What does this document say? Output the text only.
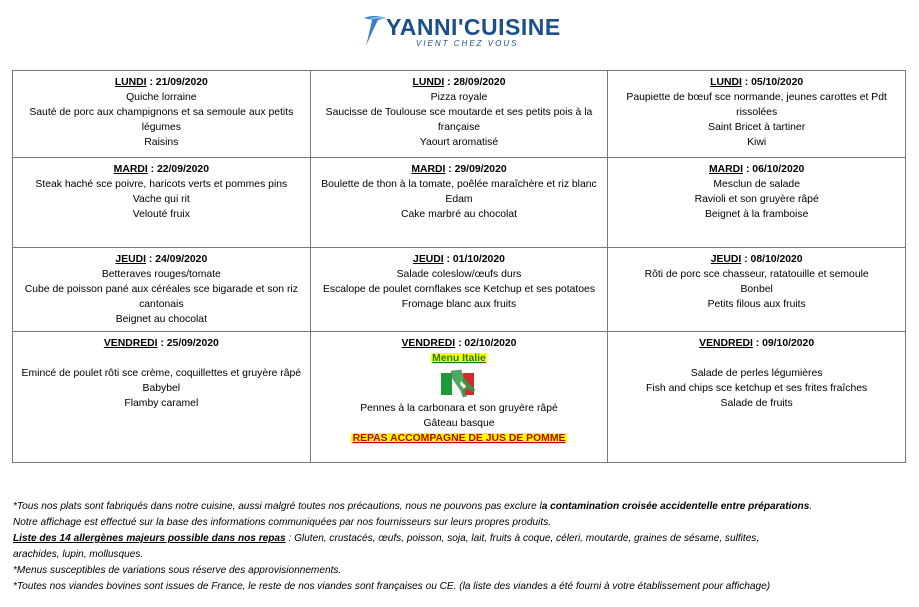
YANNI'CUISINE
VIENT CHEZ VOUS
LUNDI : 21/09/2020
Quiche lorraine
Sauté de porc aux champignons et sa semoule aux petits légumes
Raisins	LUNDI : 28/09/2020
Pizza royale
Saucisse de Toulouse sce moutarde et ses petits pois à la française
Yaourt aromatisé	LUNDI : 05/10/2020
Paupiette de bœuf sce normande, jeunes carottes et Pdt rissolées
Saint Bricet à tartiner
Kiwi

MARDI : 22/09/2020
Steak haché sce poivre, haricots verts et pommes pins
Vache qui rit
Velouté fruix	MARDI : 29/09/2020
Boulette de thon à la tomate, poêlée maraîchère et riz blanc
Edam
Cake marbré au chocolat	MARDI : 06/10/2020
Mesclun de salade
Ravioli et son gruyère râpé
Beignet à la framboise

JEUDI : 24/09/2020
Betteraves rouges/tomate
Cube de poisson pané aux céréales sce bigarade et son riz cantonais
Beignet au chocolat	JEUDI : 01/10/2020
Salade coleslow/œufs durs
Escalope de poulet cornflakes sce Ketchup et ses potatoes
Fromage blanc aux fruits	JEUDI : 08/10/2020
Rôti de porc sce chasseur, ratatouille et semoule
Bonbel
Petits filous aux fruits

VENDREDI : 25/09/2020
Emincé de poulet rôti sce crème, coquillettes et gruyère râpé
Babybel
Flamby caramel	VENDREDI : 02/10/2020
Menu Italie
Pennes à la carbonara et son gruyère râpé
Gâteau basque
REPAS ACCOMPAGNE DE JUS DE POMME	VENDREDI : 09/10/2020
Salade de perles légumières
Fish and chips sce ketchup et ses frites fraîches
Salade de fruits
*Tous nos plats sont fabriqués dans notre cuisine, aussi malgré toutes nos précautions, nous ne pouvons pas exclure la contamination croisée accidentelle entre préparations.
Notre affichage est effectué sur la base des informations communiquées par nos fournisseurs sur leurs propres produits.
Liste des 14 allergènes majeurs possible dans nos repas : Gluten, crustacés, œufs, poisson, soja, lait, fruits à coque, céleri, moutarde, graines de sésame, sulfites,
arachides, lupin, mollusques.
*Menus susceptibles de variations sous réserve des approvisionnements.
*Toutes nos viandes bovines sont issues de France, le reste de nos viandes sont françaises ou CE. (la liste des viandes a été fourni à votre établissement pour affichage)
